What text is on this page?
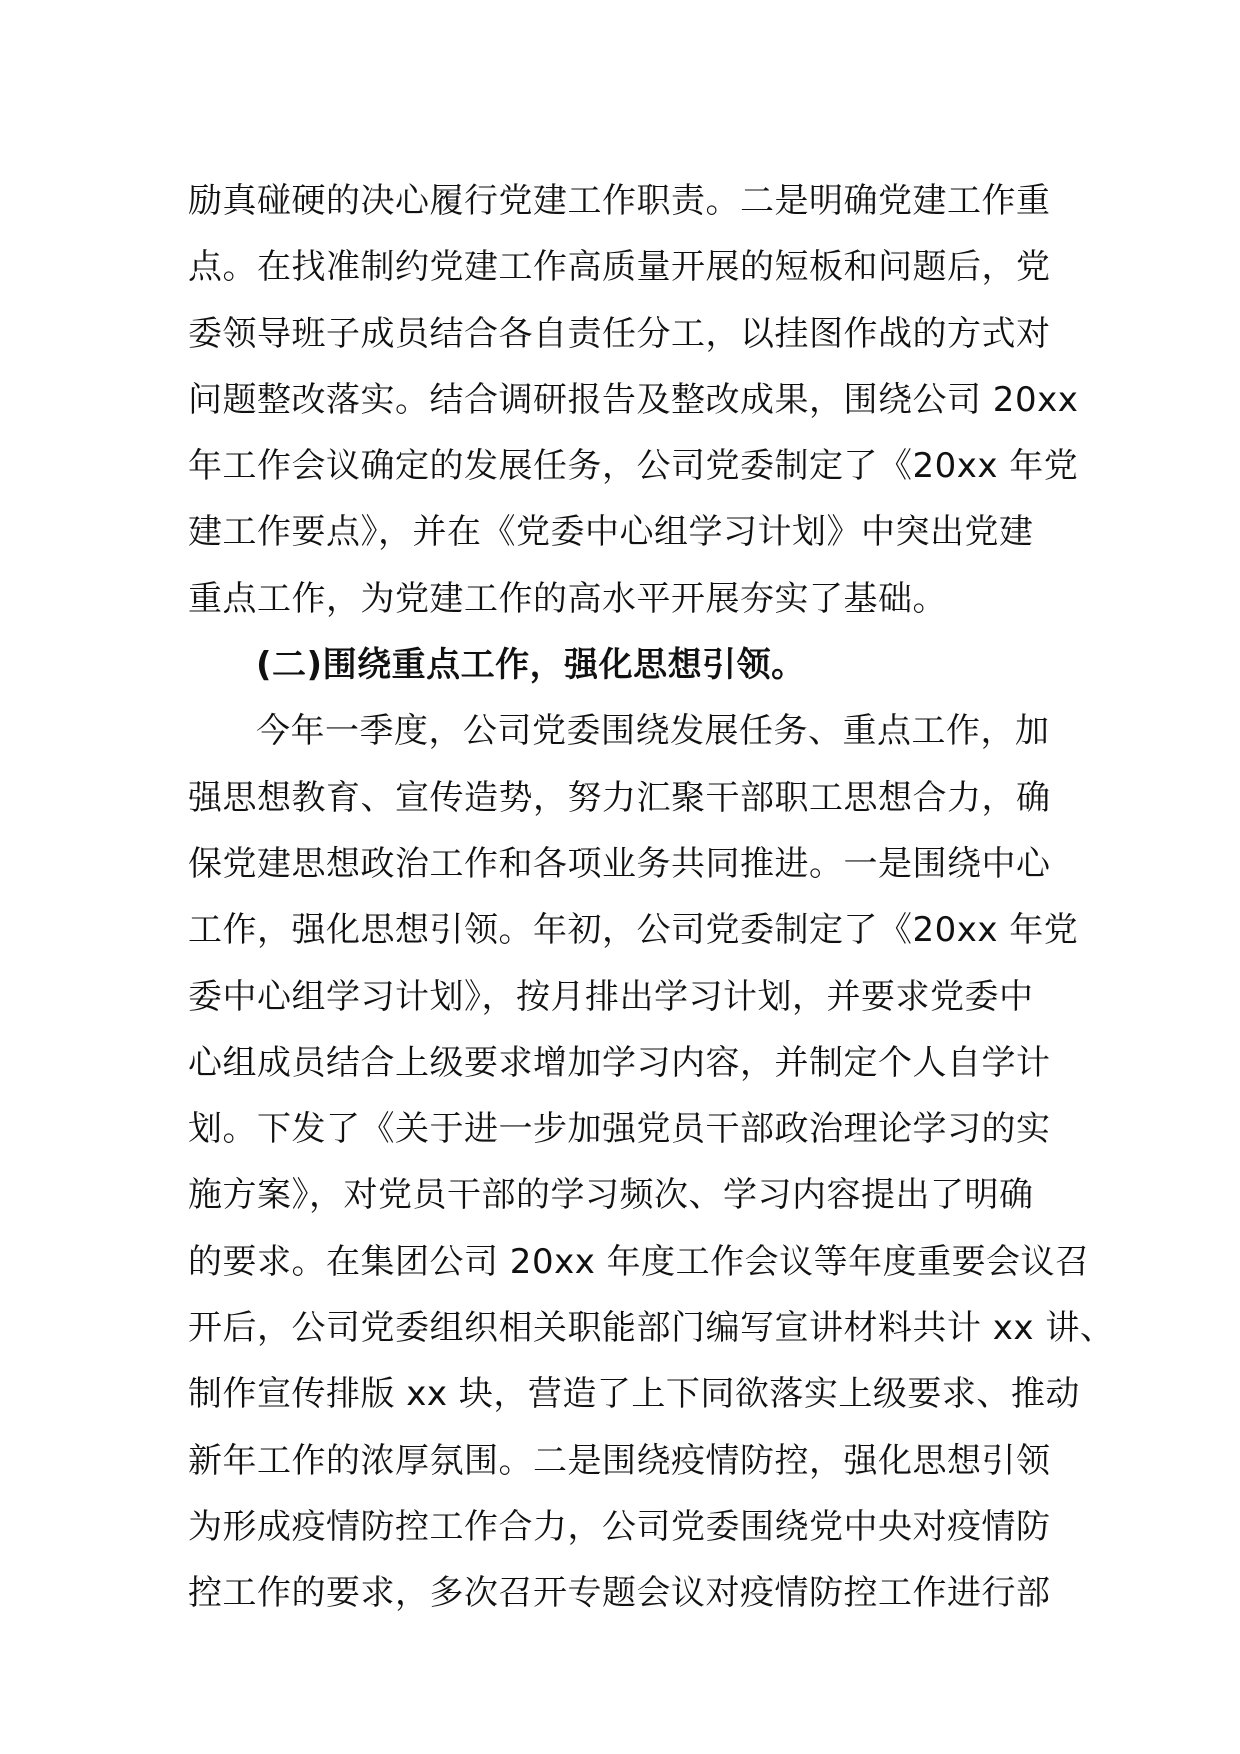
励真碰硬的决心履行党建工作职责。二是明确党建工作重
点。在找准制约党建工作高质量开展的短板和问题后，党
委领导班子成员结合各自责任分工，以挂图作战的方式对
问题整改落实。结合调研报告及整改成果，围绕公司 20xx
年工作会议确定的发展任务，公司党委制定了《20xx 年党
建工作要点》，并在《党委中心组学习计划》中突出党建
重点工作，为党建工作的高水平开展夯实了基础。
(二)围绕重点工作，强化思想引领。
今年一季度，公司党委围绕发展任务、重点工作，加
强思想教育、宣传造势，努力汇聚干部职工思想合力，确
保党建思想政治工作和各项业务共同推进。一是围绕中心
工作，强化思想引领。年初，公司党委制定了《20xx 年党
委中心组学习计划》，按月排出学习计划，并要求党委中
心组成员结合上级要求增加学习内容，并制定个人自学计
划。下发了《关于进一步加强党员干部政治理论学习的实
施方案》，对党员干部的学习频次、学习内容提出了明确
的要求。在集团公司 20xx 年度工作会议等年度重要会议召
开后，公司党委组织相关职能部门编写宣讲材料共计 xx 讲、
制作宣传排版 xx 块，营造了上下同欲落实上级要求、推动
新年工作的浓厚氛围。二是围绕疫情防控，强化思想引领
为形成疫情防控工作合力，公司党委围绕党中央对疫情防
控工作的要求，多次召开专题会议对疫情防控工作进行部
